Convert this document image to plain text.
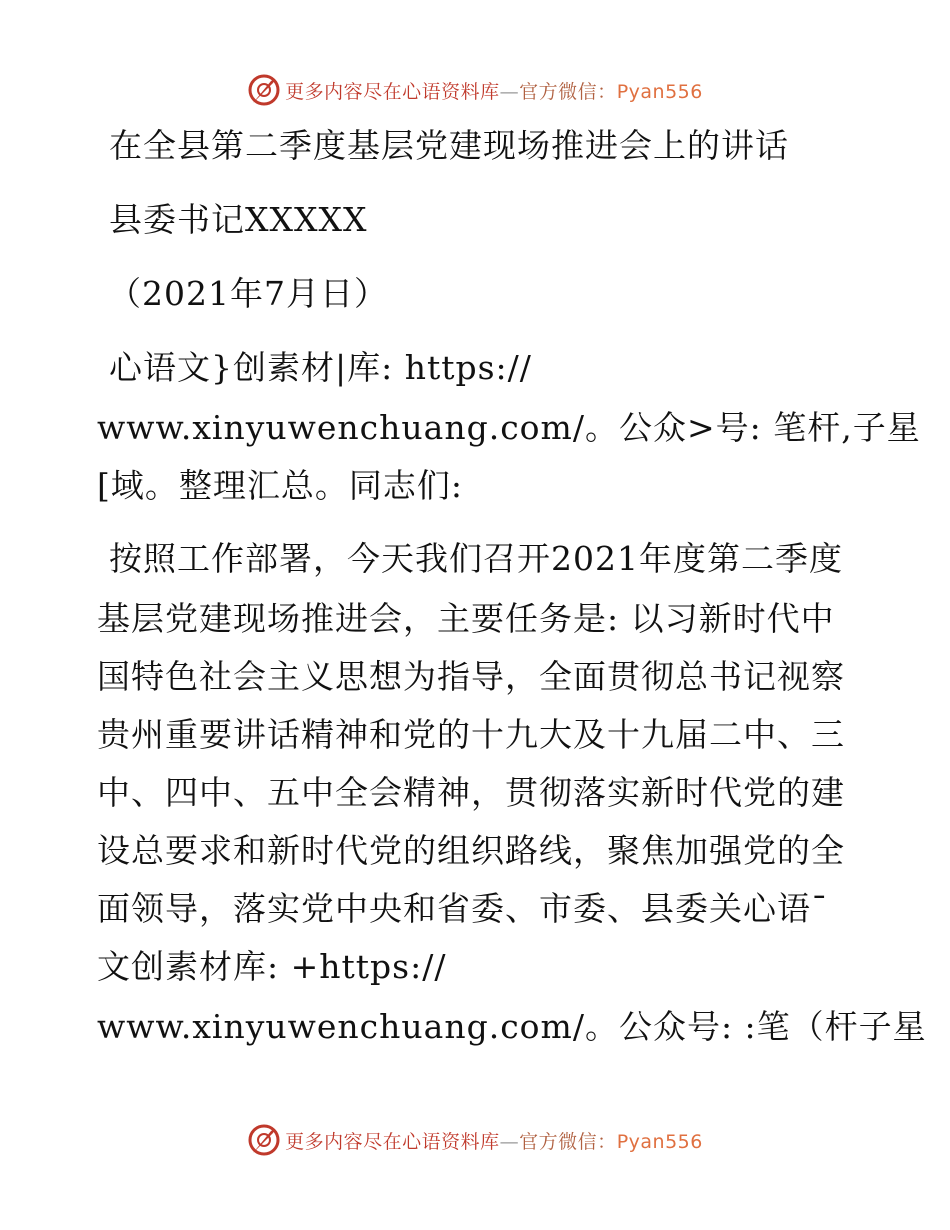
更多内容尽在心语资料库—官方微信：Pyan556
在全县第二季度基层党建现场推进会上的讲话
县委书记XXXXX
（2021年7月日）
心语文}创素材|库: https://
www.xinyuwenchuang.com/。公众>号: 笔杆,子星
[域。整理汇总。同志们:
按照工作部署，今天我们召开2021年度第二季度
基层党建现场推进会，主要任务是: 以习新时代中
国特色社会主义思想为指导，全面贯彻总书记视察
贵州重要讲话精神和党的十九大及十九届二中、三
中、四中、五中全会精神，贯彻落实新时代党的建
设总要求和新时代党的组织路线，聚焦加强党的全
面领导，落实党中央和省委、市委、县委关心语¯
文创素材库: +https://
www.xinyuwenchuang.com/。公众号: :笔（杆子星
更多内容尽在心语资料库—官方微信：Pyan556
